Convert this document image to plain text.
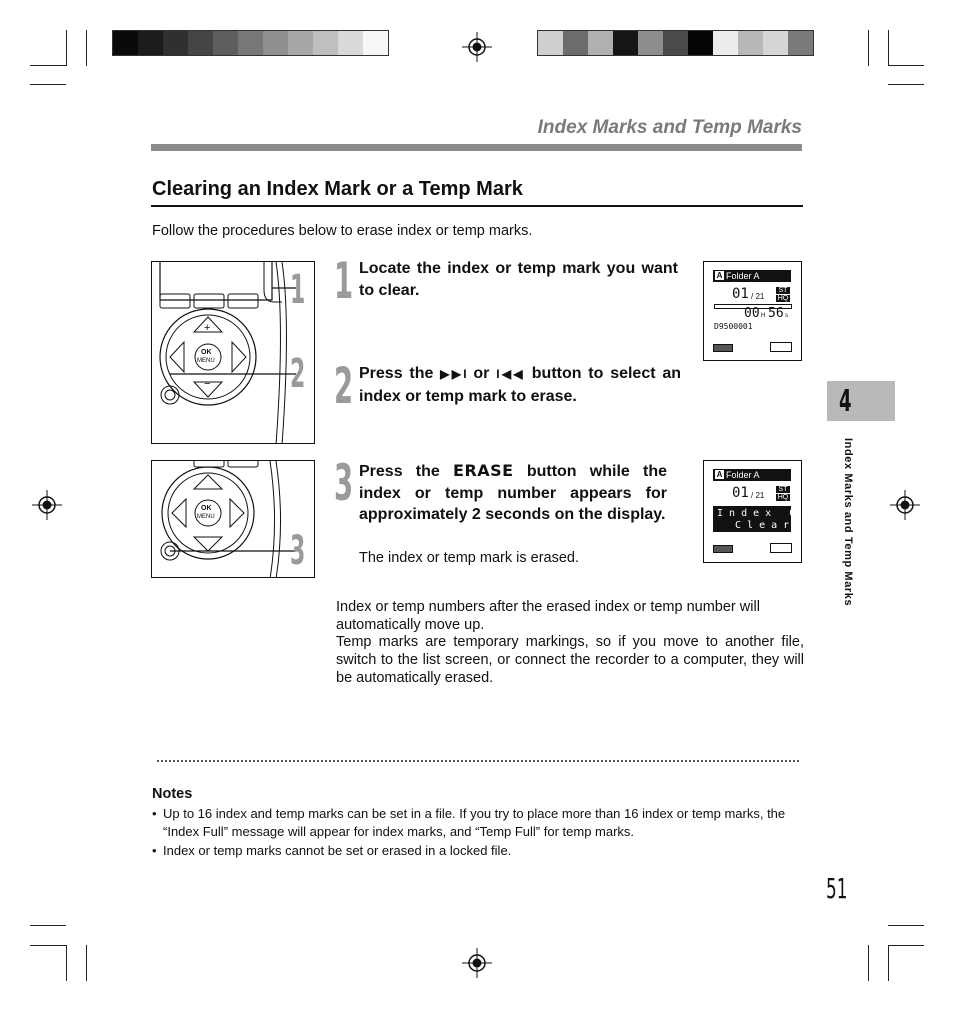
Index Marks and Temp Marks
Clearing an Index Mark or a Temp Mark
Follow the procedures below to erase index or temp marks.
OK
MENU
+
−
1
2
OK
MENU
3
1 Locate the index or temp mark you want to clear.
2 Press the ▶▶I or I◀◀ button to select an index or temp mark to erase.
3 Press the ERASE button while the index or temp number appears for approximately 2 seconds on the display.
The index or temp mark is erased.
A Folder A
01 / 21
ST
HQ
00 H 56 s
D9500001
A Folder A
01 / 21
ST
HQ
I n d e x   0 8
C l e a r
Index or temp numbers after the erased index or temp number will automatically move up.
Temp marks are temporary markings, so if you move to another file, switch to the list screen, or connect the recorder to a computer, they will be automatically erased.
Notes
• Up to 16 index and temp marks can be set in a file. If you try to place more than 16 index or temp marks, the “Index Full” message will appear for index marks, and “Temp Full” for temp marks.
• Index or temp marks cannot be set or erased in a locked file.
4
Index Marks and Temp Marks
51
